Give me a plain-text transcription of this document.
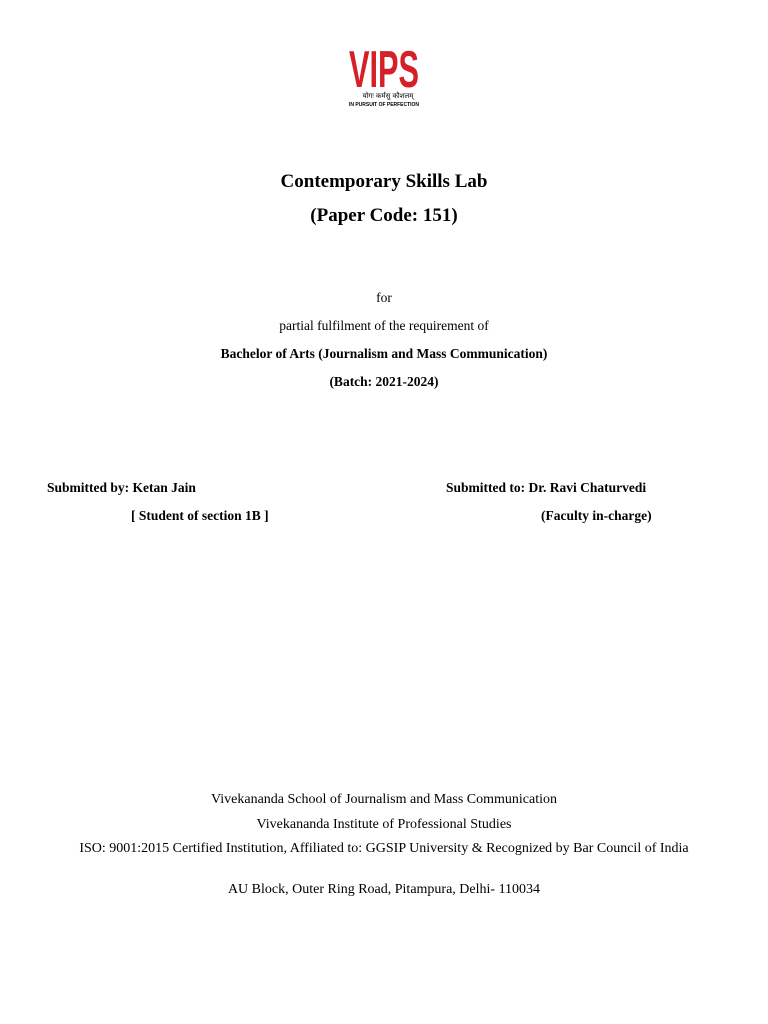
VIPS
योगः कर्मसु कौशलम्
IN PURSUIT OF PERFECTION
Contemporary Skills Lab
(Paper Code: 151)
for
partial fulfilment of the requirement of
Bachelor of Arts (Journalism and Mass Communication)
(Batch: 2021-2024)
Submitted by: Ketan Jain
[ Student of section 1B ]
Submitted to: Dr. Ravi Chaturvedi
(Faculty in-charge)
Vivekananda School of Journalism and Mass Communication
Vivekananda Institute of Professional Studies
ISO: 9001:2015 Certified Institution, Affiliated to: GGSIP University & Recognized by Bar Council of India
AU Block, Outer Ring Road, Pitampura, Delhi- 110034
